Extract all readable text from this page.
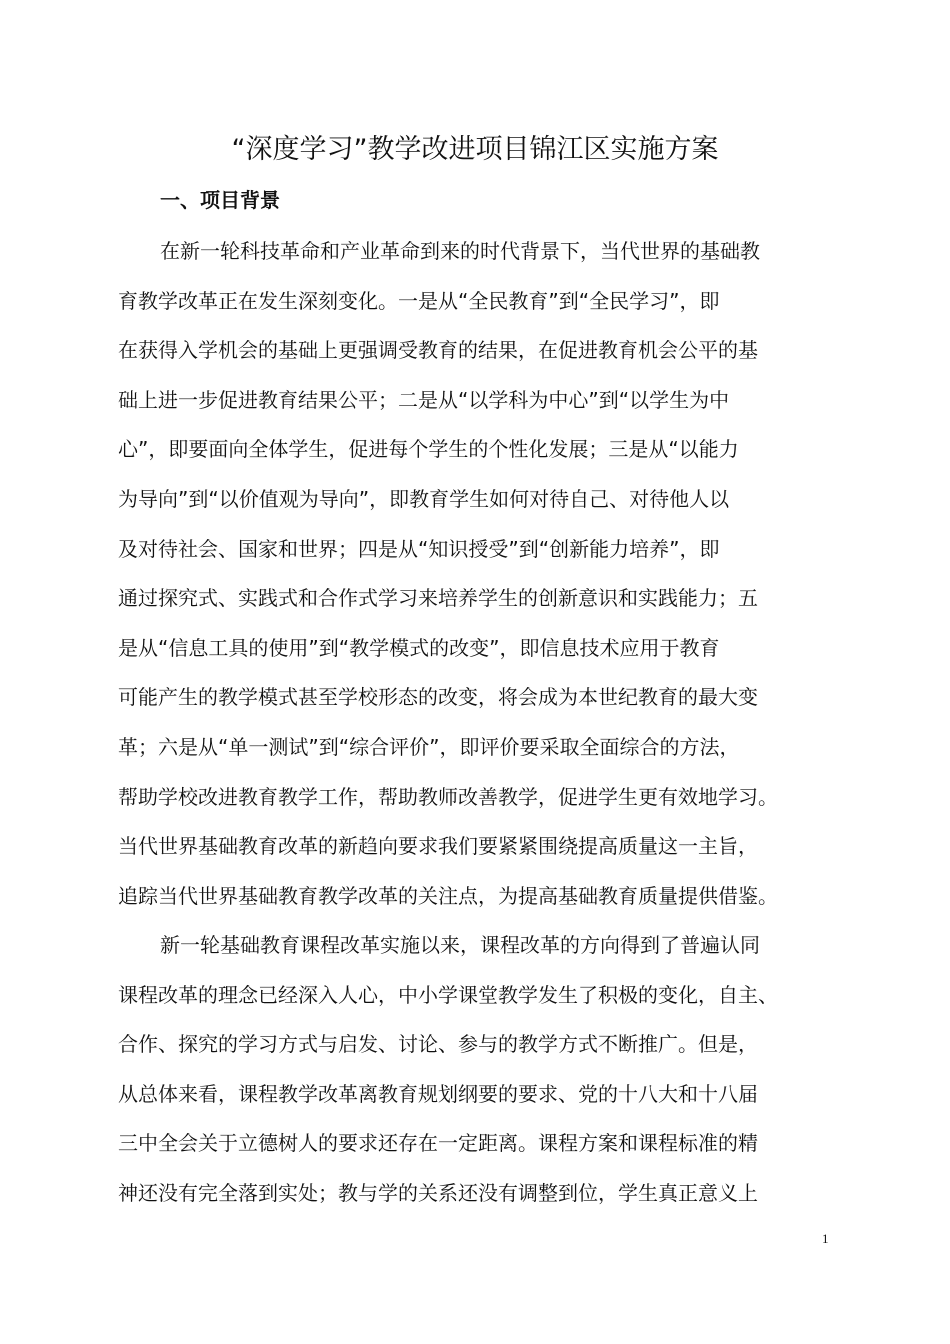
“深度学习”教学改进项目锦江区实施方案
一、项目背景
在新一轮科技革命和产业革命到来的时代背景下，当代世界的基础教
育教学改革正在发生深刻变化。一是从“全民教育”到“全民学习”，即
在获得入学机会的基础上更强调受教育的结果，在促进教育机会公平的基
础上进一步促进教育结果公平；二是从“以学科为中心”到“以学生为中
心”，即要面向全体学生，促进每个学生的个性化发展；三是从“以能力
为导向”到“以价值观为导向”，即教育学生如何对待自己、对待他人以
及对待社会、国家和世界；四是从“知识授受”到“创新能力培养”，即
通过探究式、实践式和合作式学习来培养学生的创新意识和实践能力；五
是从“信息工具的使用”到“教学模式的改变”，即信息技术应用于教育
可能产生的教学模式甚至学校形态的改变，将会成为本世纪教育的最大变
革；六是从“单一测试”到“综合评价”，即评价要采取全面综合的方法，
帮助学校改进教育教学工作，帮助教师改善教学，促进学生更有效地学习。
当代世界基础教育改革的新趋向要求我们要紧紧围绕提高质量这一主旨，
追踪当代世界基础教育教学改革的关注点，为提高基础教育质量提供借鉴。
新一轮基础教育课程改革实施以来，课程改革的方向得到了普遍认同
课程改革的理念已经深入人心，中小学课堂教学发生了积极的变化，自主、
合作、探究的学习方式与启发、讨论、参与的教学方式不断推广。但是，
从总体来看，课程教学改革离教育规划纲要的要求、党的十八大和十八届
三中全会关于立德树人的要求还存在一定距离。课程方案和课程标准的精
神还没有完全落到实处；教与学的关系还没有调整到位，学生真正意义上
1
